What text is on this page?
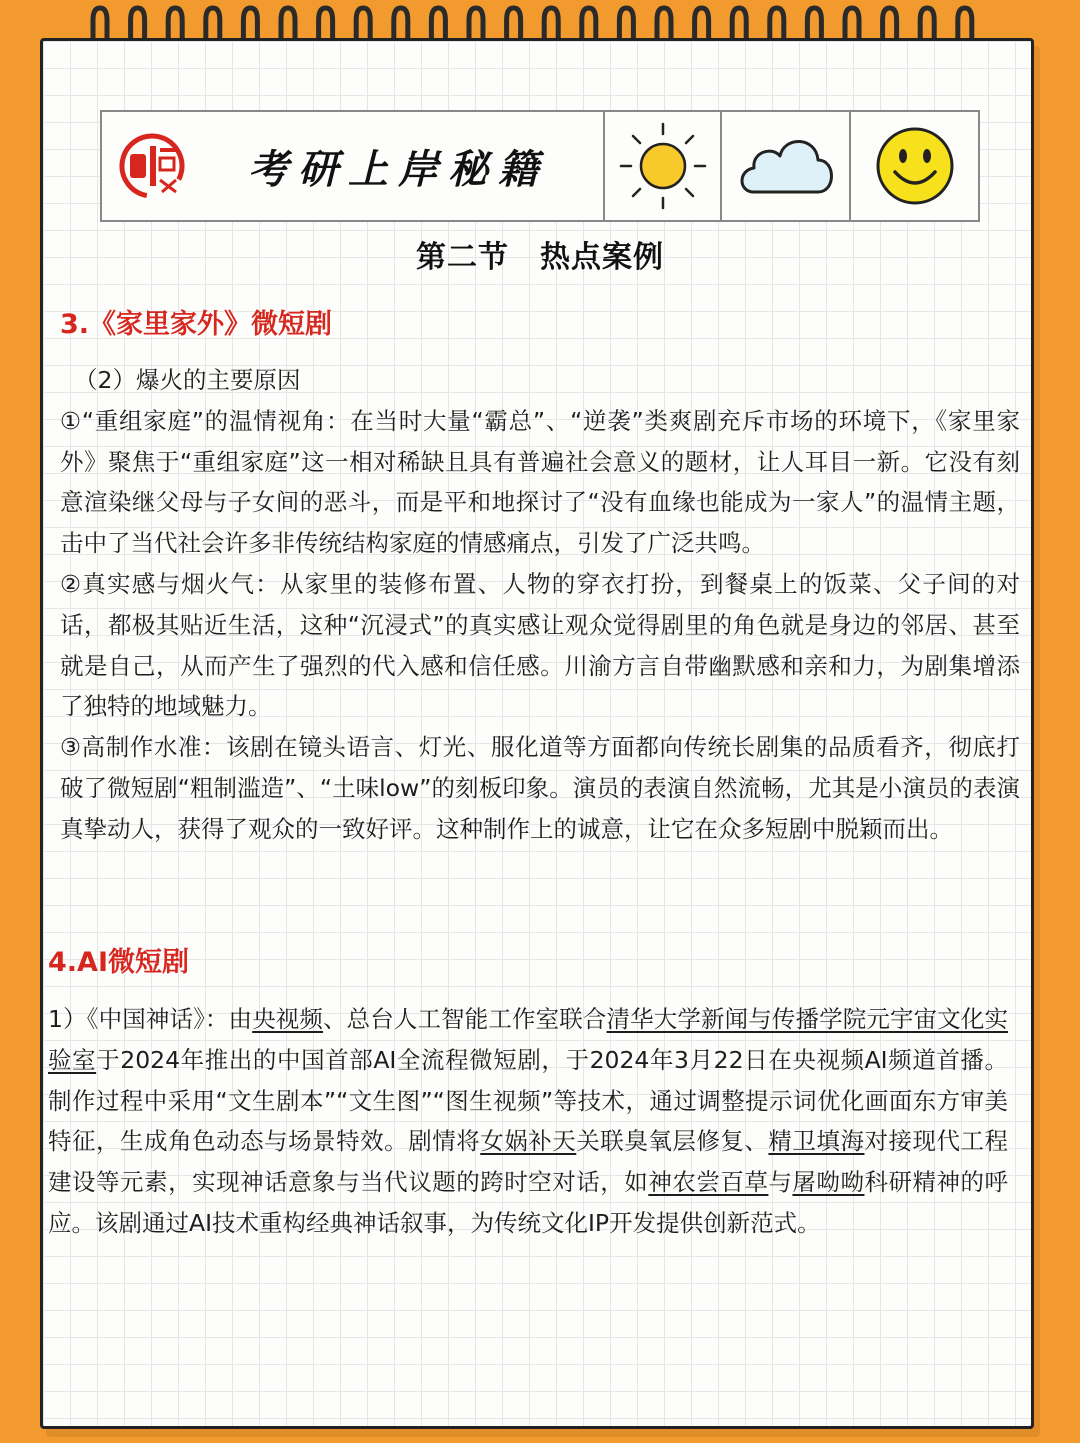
考研上岸秘籍
第二节　热点案例
3.《家里家外》微短剧

（2）爆火的主要原因

①“重组家庭”的温情视角：在当时大量“霸总”、“逆袭”类爽剧充斥市场的环境下，《家里家外》聚焦于“重组家庭”这一相对稀缺且具有普遍社会意义的题材，让人耳目一新。它没有刻意渲染继父母与子女间的恶斗，而是平和地探讨了“没有血缘也能成为一家人”的温情主题，击中了当代社会许多非传统结构家庭的情感痛点，引发了广泛共鸣。

②真实感与烟火气：从家里的装修布置、人物的穿衣打扮，到餐桌上的饭菜、父子间的对话，都极其贴近生活，这种“沉浸式”的真实感让观众觉得剧里的角色就是身边的邻居、甚至就是自己，从而产生了强烈的代入感和信任感。川渝方言自带幽默感和亲和力，为剧集增添了独特的地域魅力。

③高制作水准：该剧在镜头语言、灯光、服化道等方面都向传统长剧集的品质看齐，彻底打破了微短剧“粗制滥造”、“土味low”的刻板印象。演员的表演自然流畅，尤其是小演员的表演真挚动人，获得了观众的一致好评。这种制作上的诚意，让它在众多短剧中脱颖而出。

4.AI微短剧

1）《中国神话》：由央视频、总台人工智能工作室联合清华大学新闻与传播学院元宇宙文化实验室于2024年推出的中国首部AI全流程微短剧，于2024年3月22日在央视频AI频道首播。制作过程中采用“文生剧本”“文生图”“图生视频”等技术，通过调整提示词优化画面东方审美特征，生成角色动态与场景特效。剧情将女娲补天关联臭氧层修复、精卫填海对接现代工程建设等元素，实现神话意象与当代议题的跨时空对话，如神农尝百草与屠呦呦科研精神的呼应。该剧通过AI技术重构经典神话叙事，为传统文化IP开发提供创新范式。
